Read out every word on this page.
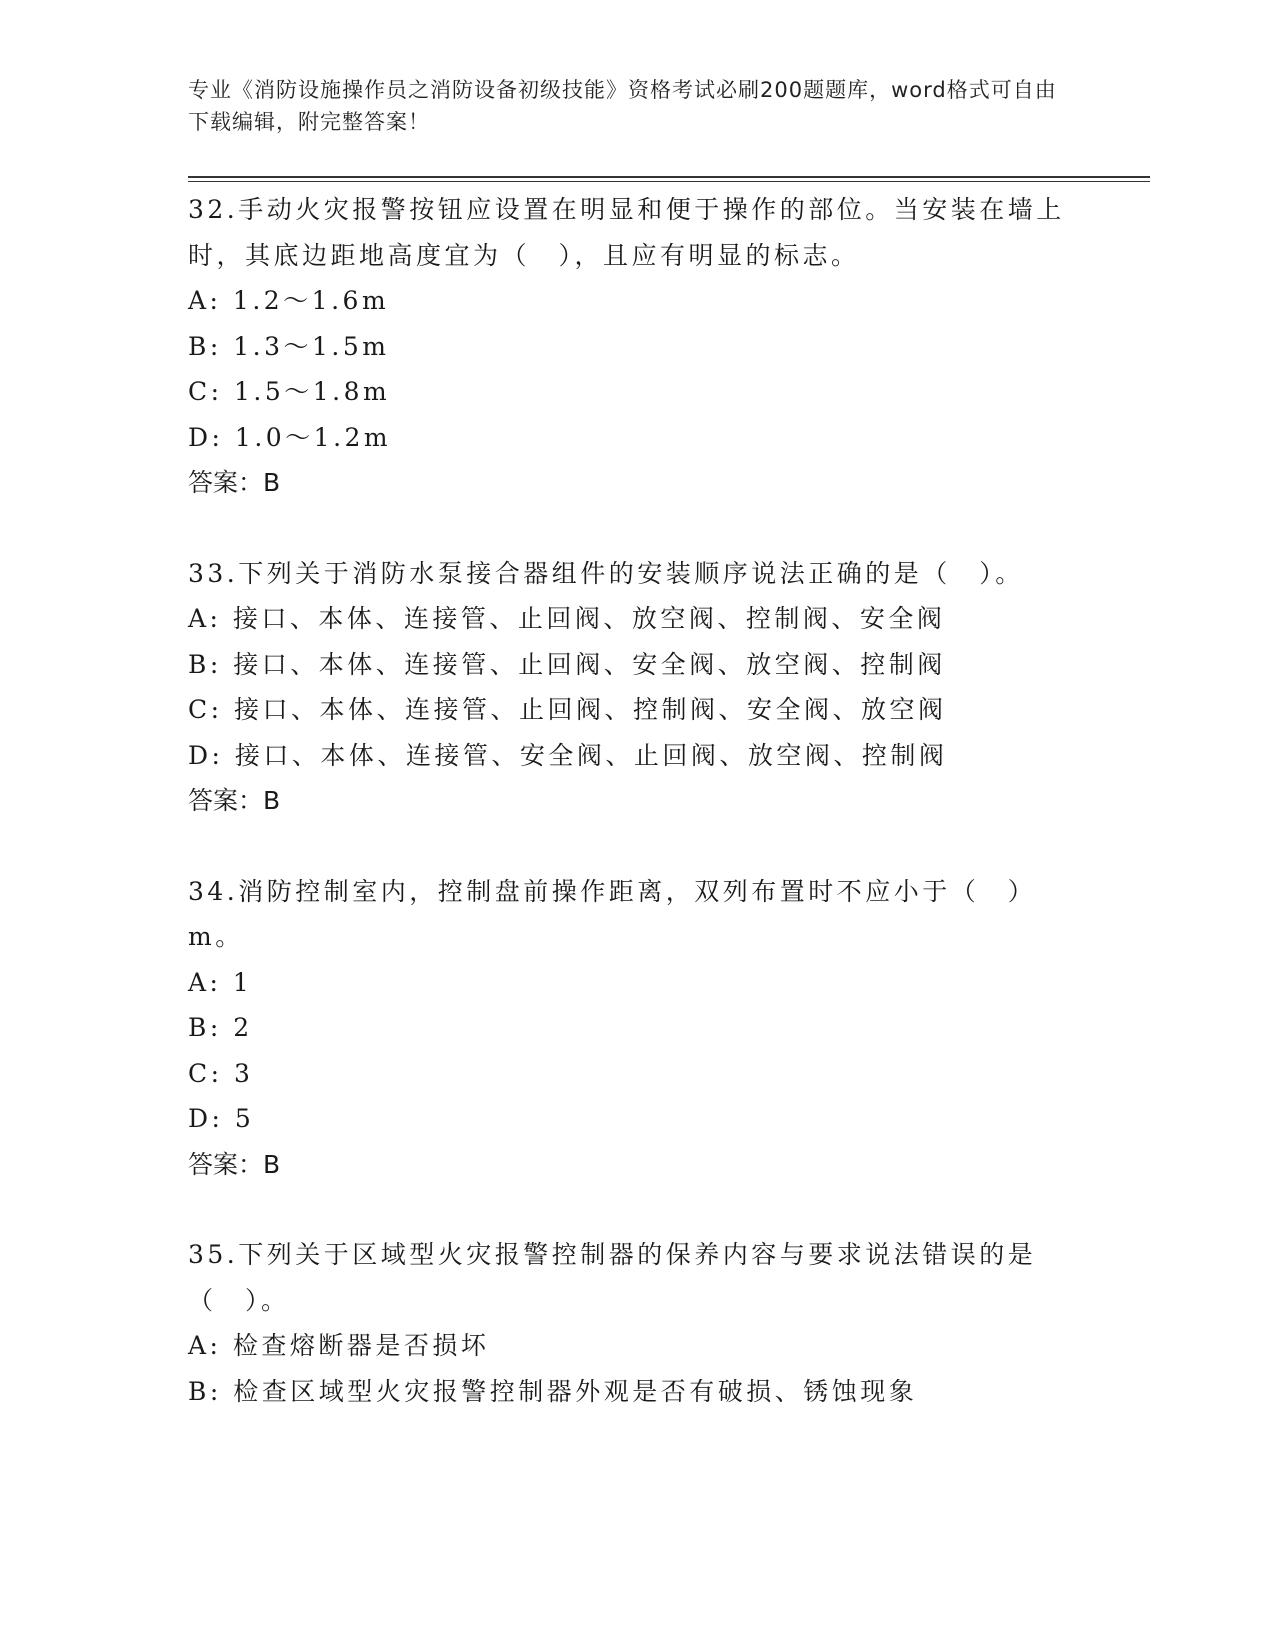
专业《消防设施操作员之消防设备初级技能》资格考试必刷200题题库，word格式可自由下载编辑，附完整答案！
32.手动火灾报警按钮应设置在明显和便于操作的部位。当安装在墙上时，其底边距地高度宜为（　），且应有明显的标志。
A: 1.2～1.6m
B: 1.3～1.5m
C: 1.5～1.8m
D: 1.0～1.2m
答案：B
33.下列关于消防水泵接合器组件的安装顺序说法正确的是（　）。
A: 接口、本体、连接管、止回阀、放空阀、控制阀、安全阀
B: 接口、本体、连接管、止回阀、安全阀、放空阀、控制阀
C: 接口、本体、连接管、止回阀、控制阀、安全阀、放空阀
D: 接口、本体、连接管、安全阀、止回阀、放空阀、控制阀
答案：B
34.消防控制室内，控制盘前操作距离，双列布置时不应小于（　）m。
A: 1
B: 2
C: 3
D: 5
答案：B
35.下列关于区域型火灾报警控制器的保养内容与要求说法错误的是（　）。
A: 检查熔断器是否损坏
B: 检查区域型火灾报警控制器外观是否有破损、锈蚀现象
